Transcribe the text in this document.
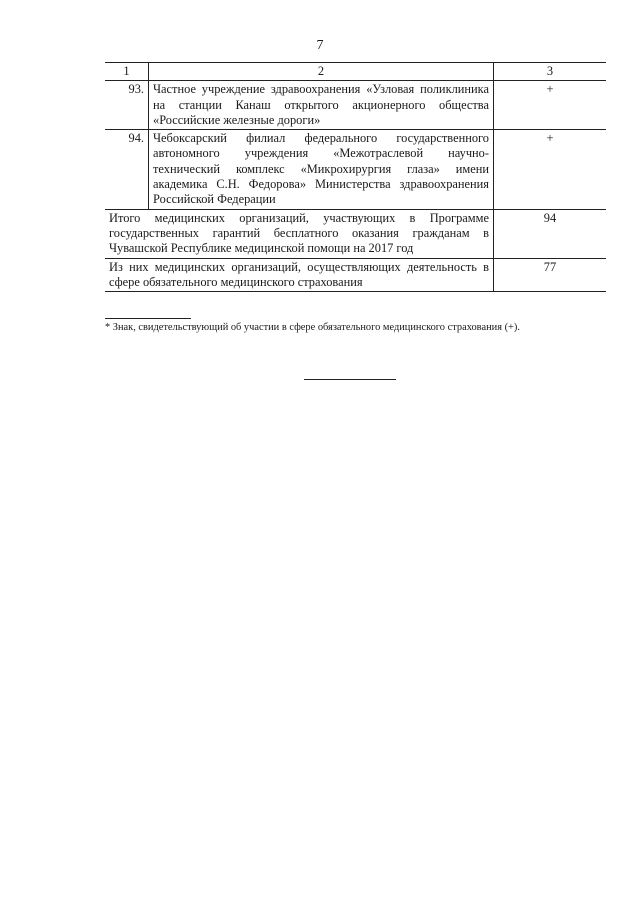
7
1	2	3
93.	Частное учреждение здравоохранения «Узловая поликлиника на станции Канаш открытого акционерного общества «Российские железные дороги»	+
94.	Чебоксарский филиал федерального государственного автономного учреждения «Межотраслевой научно-технический комплекс «Микрохирургия глаза» имени академика С.Н. Федорова» Министерства здравоохранения Российской Федерации	+
Итого медицинских организаций, участвующих в Программе государственных гарантий бесплатного оказания гражданам в Чувашской Республике медицинской помощи на 2017 год		94
Из них медицинских организаций, осуществляющих деятельность в сфере обязательного медицинского страхования		77
* Знак, свидетельствующий об участии в сфере обязательного медицинского страхования (+).
